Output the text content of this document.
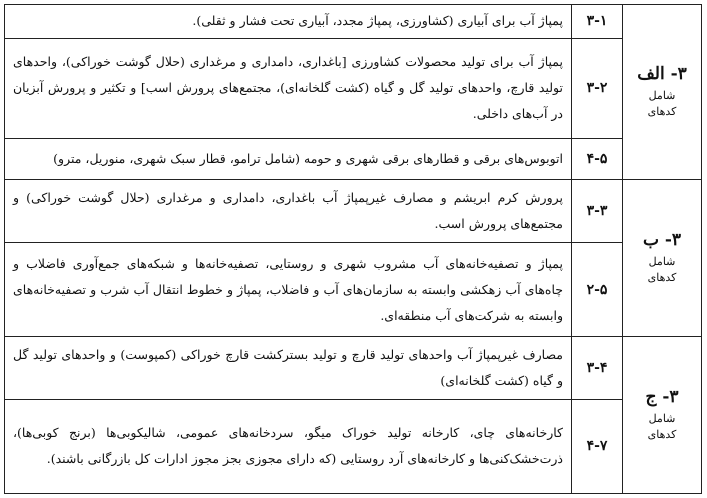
۳- الف
شامل
کدهای	۳-۱	پمپاژ آب برای آبیاری (کشاورزی، پمپاژ مجدد، آبیاری تحت فشار و ثقلی).
	۳-۲	پمپاژ آب برای تولید محصولات کشاورزی [باغداری، دامداری و مرغداری (حلال گوشت خوراکی)، واحدهای تولید قارچ، واحدهای تولید گل و گیاه (کشت گلخانه‌ای)، مجتمع‌های پرورش اسب] و تکثیر و پرورش آبزیان در آب‌های داخلی.
	۴-۵	اتوبوس‌های برقی و قطارهای برقی شهری و حومه (شامل ترامو، قطار سبک شهری، منوریل، مترو)

۳- ب
شامل
کدهای	۳-۳	پرورش کرم ابریشم و مصارف غیرپمپاژ آب باغداری، دامداری و مرغداری (حلال گوشت خوراکی) و مجتمع‌های پرورش اسب.
	۲-۵	پمپاژ و تصفیه‌خانه‌های آب مشروب شهری و روستایی، تصفیه‌خانه‌ها و شبکه‌های جمع‌آوری فاضلاب و چاه‌های آب زهکشی وابسته به سازمان‌های آب و فاضلاب، پمپاژ و خطوط انتقال آب شرب و تصفیه‌خانه‌های وابسته به شرکت‌های آب منطقه‌ای.

۳- ج
شامل
کدهای	۳-۴	مصارف غیرپمپاژ آب واحدهای تولید قارچ و تولید بسترکشت قارچ خوراکی (کمپوست) و واحدهای تولید گل و گیاه (کشت گلخانه‌ای)
	۴-۷	کارخانه‌های چای، کارخانه تولید خوراک میگو، سردخانه‌های عمومی، شالیکوبی‌ها (برنج کوبی‌ها)، ذرت‌خشک‌کنی‌ها و کارخانه‌های آرد روستایی (که دارای مجوزی بجز مجوز ادارات کل بازرگانی باشند).
